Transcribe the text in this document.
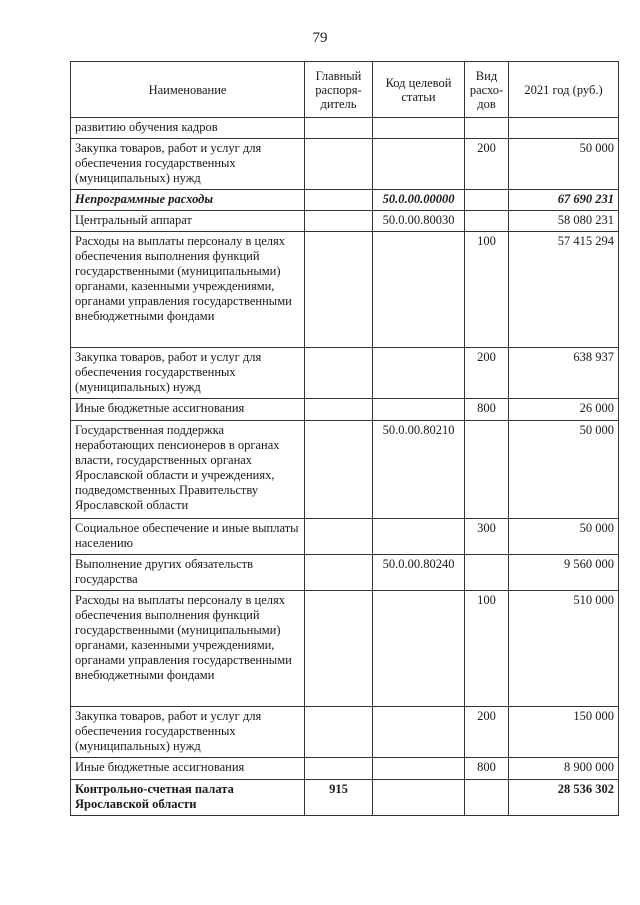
79
Наименование	Главный распоря-дитель	Код целевой статьи	Вид расхо-дов	2021 год (руб.)
развитию обучения кадров				
Закупка товаров, работ и услуг для обеспечения государственных (муниципальных) нужд			200	50 000
Непрограммные расходы		50.0.00.00000		67 690 231
Центральный аппарат		50.0.00.80030		58 080 231
Расходы на выплаты персоналу в целях обеспечения выполнения функций государственными (муниципальными) органами, казенными учреждениями, органами управления государственными внебюджетными фондами			100	57 415 294
Закупка товаров, работ и услуг для обеспечения государственных (муниципальных) нужд			200	638 937
Иные бюджетные ассигнования			800	26 000
Государственная поддержка неработающих пенсионеров в органах власти, государственных органах Ярославской области и учреждениях, подведомственных Правительству Ярославской области		50.0.00.80210		50 000
Социальное обеспечение и иные выплаты населению			300	50 000
Выполнение других обязательств государства		50.0.00.80240		9 560 000
Расходы на выплаты персоналу в целях обеспечения выполнения функций государственными (муниципальными) органами, казенными учреждениями, органами управления государственными внебюджетными фондами			100	510 000
Закупка товаров, работ и услуг для обеспечения государственных (муниципальных) нужд			200	150 000
Иные бюджетные ассигнования			800	8 900 000
Контрольно-счетная палата Ярославской области	915			28 536 302
